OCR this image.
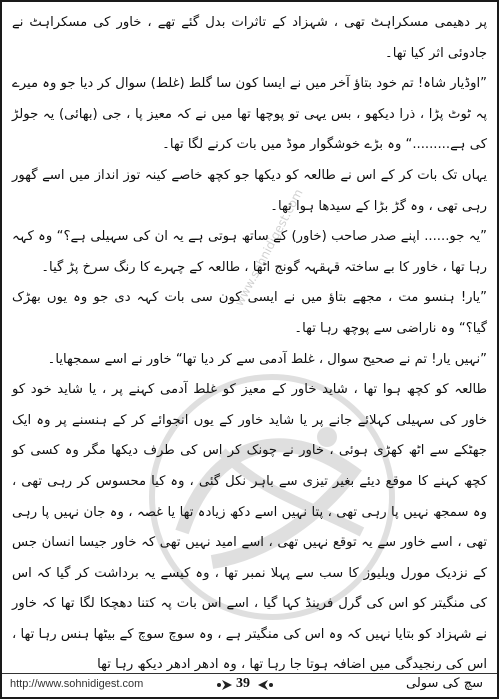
www.sohnidigest.com

پر دھیمی مسکراہٹ تھی ، شہزاد کے تاثرات بدل گئے تھے ، خاور کی مسکراہٹ نے جادوئی اثر کیا تھا۔

”اوڈیار شاہ! تم خود بتاؤ آخر میں نے ایسا کون سا گلط (غلط) سوال کر دیا جو وہ میرے پہ ٹوٹ پڑا ، ذرا دیکھو ، بس یہی تو پوچھا تھا میں نے کہ معیز پا ، جی (بھائی) یہ جولڑ کی ہے.........“ وہ بڑے خوشگوار موڈ میں بات کرنے لگا تھا۔

یہاں تک بات کر کے اس نے طالعہ کو دیکھا جو کچھ خاصے کینہ توز انداز میں اسے گھور رہی تھی ، وہ گڑ بڑا کے سیدھا ہوا تھا۔

”یہ جو...... اپنے صدر صاحب (خاور) کے ساتھ ہوتی ہے یہ ان کی سہیلی ہے؟“ وہ کہہ رہا تھا ، خاور کا بے ساختہ قہقہہ گونج اٹھا ، طالعہ کے چہرے کا رنگ سرخ پڑ گیا۔

”یار! ہنسو مت ، مجھے بتاؤ میں نے ایسی کون سی بات کہہ دی جو وہ یوں بھڑک گیا؟“ وہ ناراضی سے پوچھ رہا تھا۔

”نہیں یار! تم نے صحیح سوال ، غلط آدمی سے کر دیا تھا“ خاور نے اسے سمجھایا۔

طالعہ کو کچھ ہوا تھا ، شاید خاور کے معیز کو غلط آدمی کہنے پر ، یا شاید خود کو خاور کی سہیلی کہلائے جانے پر یا شاید خاور کے یوں انجوائے کر کے ہنسنے پر وہ ایک جھٹکے سے اٹھ کھڑی ہوئی ، خاور نے چونک کر اس کی طرف دیکھا مگر وہ کسی کو کچھ کہنے کا موقع دیئے بغیر تیزی سے باہر نکل گئی ، وہ کیا محسوس کر رہی تھی ، وہ سمجھ نہیں پا رہی تھی ، پتا نہیں اسے دکھ زیادہ تھا یا غصہ ، وہ جان نہیں پا رہی تھی ، اسے خاور سے یہ توقع نہیں تھی ، اسے امید نہیں تھی کہ خاور جیسا انسان جس کے نزدیک مورل ویلیوز کا سب سے پہلا نمبر تھا ، وہ کیسے یہ برداشت کر گیا کہ اس کی منگیتر کو اس کی گرل فرینڈ کہا گیا ، اسے اس بات پہ کتنا دھچکا لگا تھا کہ خاور نے شہزاد کو بتایا نہیں کہ وہ اس کی منگیتر ہے ، وہ سوچ سوچ کے بیٹھا ہنس رہا تھا ، اس کی رنجیدگی میں اضافہ ہوتا جا رہا تھا ، وہ ادھر ادھر دیکھ رہا تھا

http://www.sohnidigest.com	39	سچ کی سولی
